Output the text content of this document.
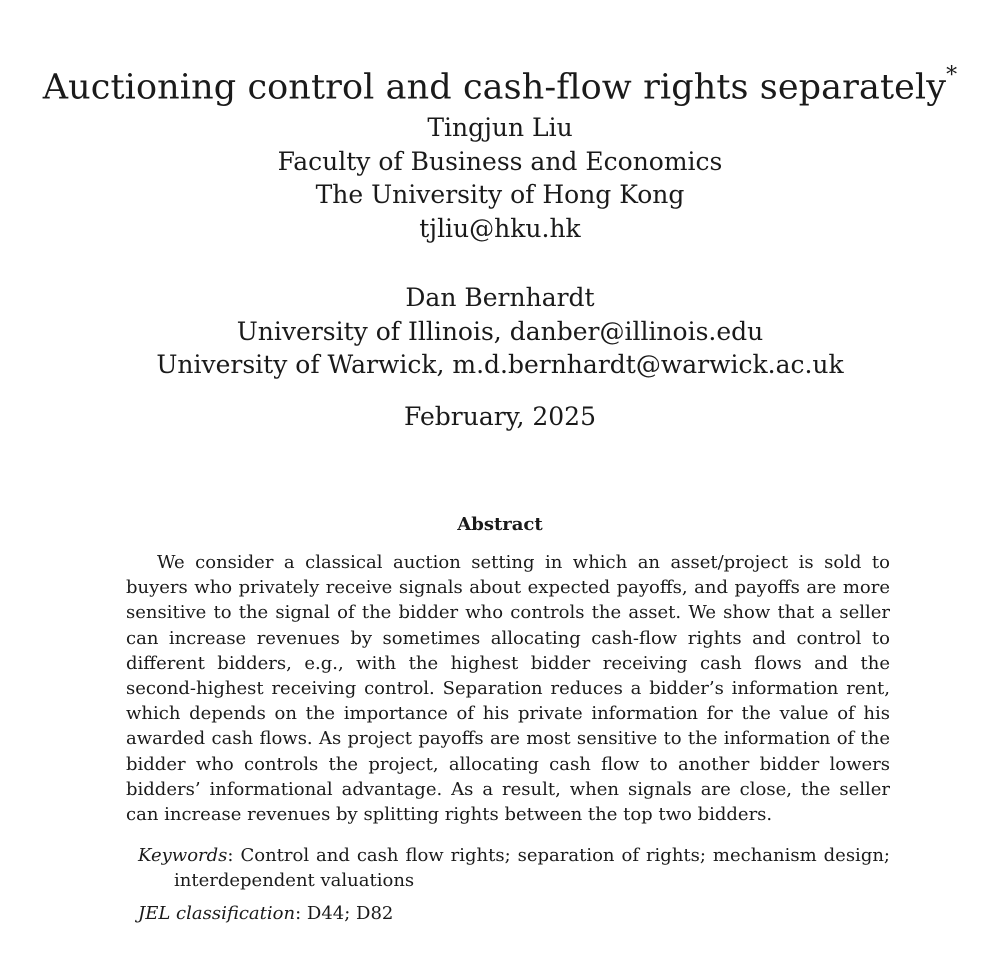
Auctioning control and cash-flow rights separately*
Tingjun Liu
Faculty of Business and Economics
The University of Hong Kong
tjliu@hku.hk
Dan Bernhardt
University of Illinois, danber@illinois.edu
University of Warwick, m.d.bernhardt@warwick.ac.uk
February, 2025
Abstract

We consider a classical auction setting in which an asset/project is sold to buyers who privately receive signals about expected payoffs, and payoffs are more sensitive to the signal of the bidder who controls the asset. We show that a seller can increase revenues by sometimes allocating cash-flow rights and control to different bidders, e.g., with the highest bidder receiving cash flows and the second-highest receiving control. Separation reduces a bidder’s information rent, which depends on the importance of his private information for the value of his awarded cash flows. As project payoffs are most sensitive to the information of the bidder who controls the project, allocating cash flow to another bidder lowers bidders’ informational advantage. As a result, when signals are close, the seller can increase revenues by splitting rights between the top two bidders.

Keywords: Control and cash flow rights; separation of rights; mechanism design; interdependent valuations
JEL classification: D44; D82
